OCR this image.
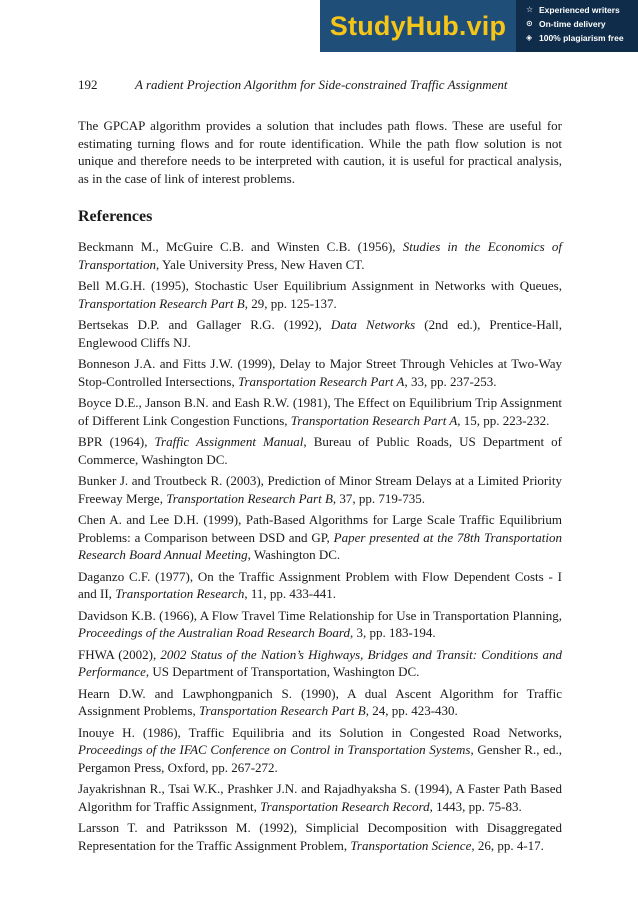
StudyHub .vip
☆ Experienced writers
⊙ On-time delivery
◈ 100% plagiarism free
192	A radient Projection Algorithm for Side-constrained Traffic Assignment

The GPCAP algorithm provides a solution that includes path flows. These are useful for estimating turning flows and for route identification. While the path flow solution is not unique and therefore needs to be interpreted with caution, it is useful for practical analysis, as in the case of link of interest problems.

References
Beckmann M., McGuire C.B. and Winsten C.B. (1956), Studies in the Economics of Transportation, Yale University Press, New Haven CT.
Bell M.G.H. (1995), Stochastic User Equilibrium Assignment in Networks with Queues, Transportation Research Part B, 29, pp. 125-137.
Bertsekas D.P. and Gallager R.G. (1992), Data Networks (2nd ed.), Prentice-Hall, Englewood Cliffs NJ.
Bonneson J.A. and Fitts J.W. (1999), Delay to Major Street Through Vehicles at Two-Way Stop-Controlled Intersections, Transportation Research Part A, 33, pp. 237-253.
Boyce D.E., Janson B.N. and Eash R.W. (1981), The Effect on Equilibrium Trip Assignment of Different Link Congestion Functions, Transportation Research Part A, 15, pp. 223-232.
BPR (1964), Traffic Assignment Manual, Bureau of Public Roads, US Department of Commerce, Washington DC.
Bunker J. and Troutbeck R. (2003), Prediction of Minor Stream Delays at a Limited Priority Freeway Merge, Transportation Research Part B, 37, pp. 719-735.
Chen A. and Lee D.H. (1999), Path-Based Algorithms for Large Scale Traffic Equilibrium Problems: a Comparison between DSD and GP, Paper presented at the 78th Transportation Research Board Annual Meeting, Washington DC.
Daganzo C.F. (1977), On the Traffic Assignment Problem with Flow Dependent Costs - I and II, Transportation Research, 11, pp. 433-441.
Davidson K.B. (1966), A Flow Travel Time Relationship for Use in Transportation Planning, Proceedings of the Australian Road Research Board, 3, pp. 183-194.
FHWA (2002), 2002 Status of the Nation’s Highways, Bridges and Transit: Conditions and Performance, US Department of Transportation, Washington DC.
Hearn D.W. and Lawphongpanich S. (1990), A dual Ascent Algorithm for Traffic Assignment Problems, Transportation Research Part B, 24, pp. 423-430.
Inouye H. (1986), Traffic Equilibria and its Solution in Congested Road Networks, Proceedings of the IFAC Conference on Control in Transportation Systems, Gensher R., ed., Pergamon Press, Oxford, pp. 267-272.
Jayakrishnan R., Tsai W.K., Prashker J.N. and Rajadhyaksha S. (1994), A Faster Path Based Algorithm for Traffic Assignment, Transportation Research Record, 1443, pp. 75-83.
Larsson T. and Patriksson M. (1992), Simplicial Decomposition with Disaggregated Representation for the Traffic Assignment Problem, Transportation Science, 26, pp. 4-17.
